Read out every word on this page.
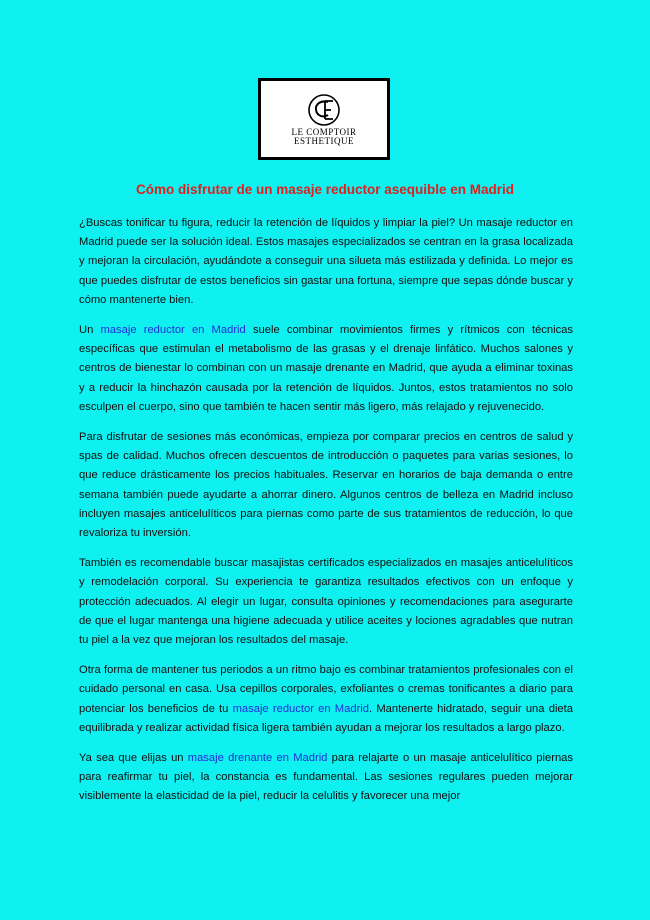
LE COMPTOIR
ESTHETIQUE
Cómo disfrutar de un masaje reductor asequible en Madrid

¿Buscas tonificar tu figura, reducir la retención de líquidos y limpiar la piel? Un masaje reductor en Madrid puede ser la solución ideal. Estos masajes especializados se centran en la grasa localizada y mejoran la circulación, ayudándote a conseguir una silueta más estilizada y definida. Lo mejor es que puedes disfrutar de estos beneficios sin gastar una fortuna, siempre que sepas dónde buscar y cómo mantenerte bien.

Un masaje reductor en Madrid suele combinar movimientos firmes y rítmicos con técnicas específicas que estimulan el metabolismo de las grasas y el drenaje linfático. Muchos salones y centros de bienestar lo combinan con un masaje drenante en Madrid, que ayuda a eliminar toxinas y a reducir la hinchazón causada por la retención de líquidos. Juntos, estos tratamientos no solo esculpen el cuerpo, sino que también te hacen sentir más ligero, más relajado y rejuvenecido.

Para disfrutar de sesiones más económicas, empieza por comparar precios en centros de salud y spas de calidad. Muchos ofrecen descuentos de introducción o paquetes para varias sesiones, lo que reduce drásticamente los precios habituales. Reservar en horarios de baja demanda o entre semana también puede ayudarte a ahorrar dinero. Algunos centros de belleza en Madrid incluso incluyen masajes anticelulíticos para piernas como parte de sus tratamientos de reducción, lo que revaloriza tu inversión.

También es recomendable buscar masajistas certificados especializados en masajes anticelulíticos y remodelación corporal. Su experiencia te garantiza resultados efectivos con un enfoque y protección adecuados. Al elegir un lugar, consulta opiniones y recomendaciones para asegurarte de que el lugar mantenga una higiene adecuada y utilice aceites y lociones agradables que nutran tu piel a la vez que mejoran los resultados del masaje.

Otra forma de mantener tus periodos a un ritmo bajo es combinar tratamientos profesionales con el cuidado personal en casa. Usa cepillos corporales, exfoliantes o cremas tonificantes a diario para potenciar los beneficios de tu masaje reductor en Madrid. Mantenerte hidratado, seguir una dieta equilibrada y realizar actividad física ligera también ayudan a mejorar los resultados a largo plazo.

Ya sea que elijas un masaje drenante en Madrid para relajarte o un masaje anticelulítico piernas para reafirmar tu piel, la constancia es fundamental. Las sesiones regulares pueden mejorar visiblemente la elasticidad de la piel, reducir la celulitis y favorecer una mejor
